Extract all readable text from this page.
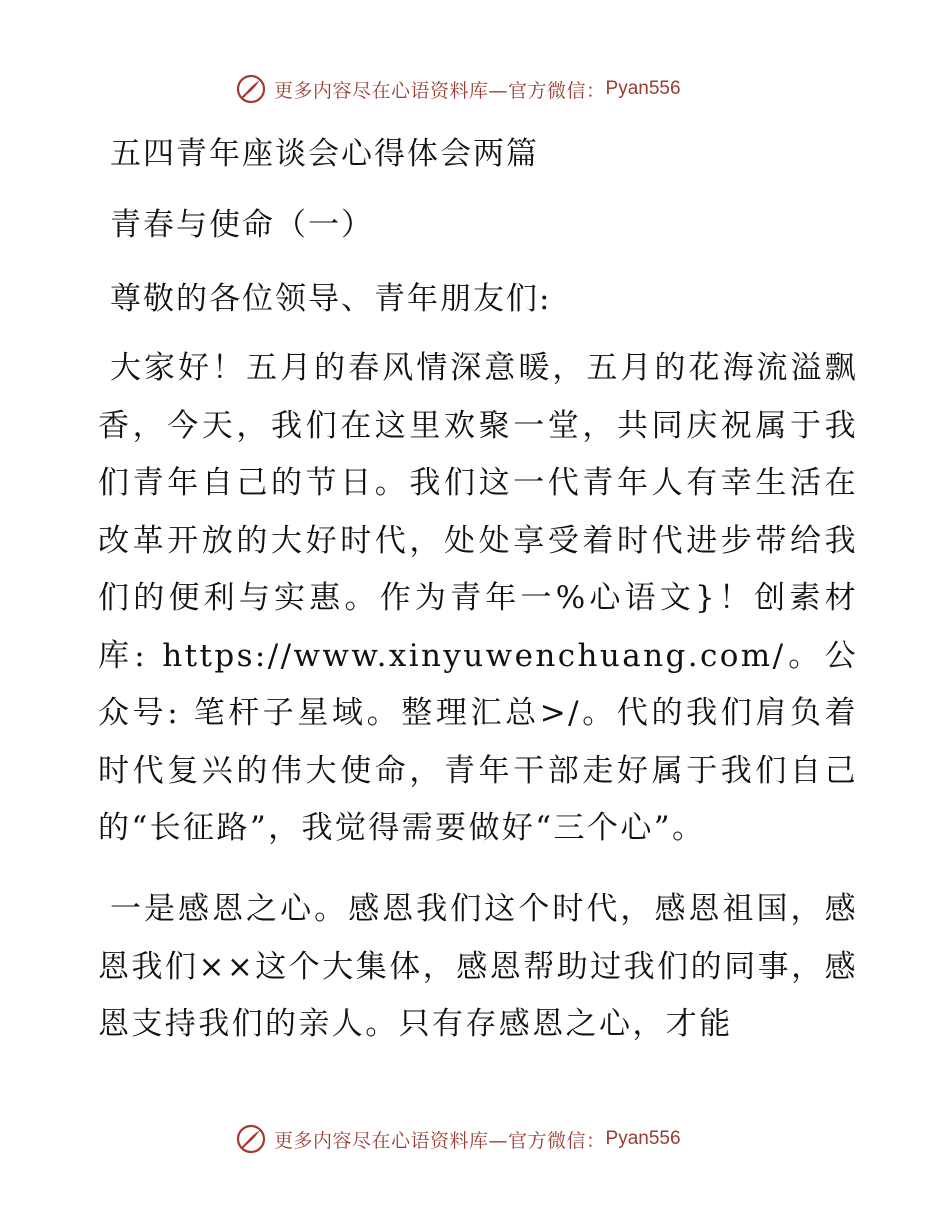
更多内容尽在心语资料库—官方微信： Pyan556
五四青年座谈会心得体会两篇
青春与使命（一）
尊敬的各位领导、青年朋友们:
大家好！五月的春风情深意暖，五月的花海流溢飘香，今天，我们在这里欢聚一堂，共同庆祝属于我们青年自己的节日。我们这一代青年人有幸生活在改革开放的大好时代，处处享受着时代进步带给我们的便利与实惠。作为青年一%心语文}！创素材库: https://www.xinyuwenchuang.com/。公众号: 笔杆子星域。整理汇总>/。代的我们肩负着时代复兴的伟大使命，青年干部走好属于我们自己的“长征路”，我觉得需要做好“三个心”。
一是感恩之心。感恩我们这个时代，感恩祖国，感恩我们××这个大集体，感恩帮助过我们的同事，感恩支持我们的亲人。只有存感恩之心，才能
更多内容尽在心语资料库—官方微信： Pyan556
